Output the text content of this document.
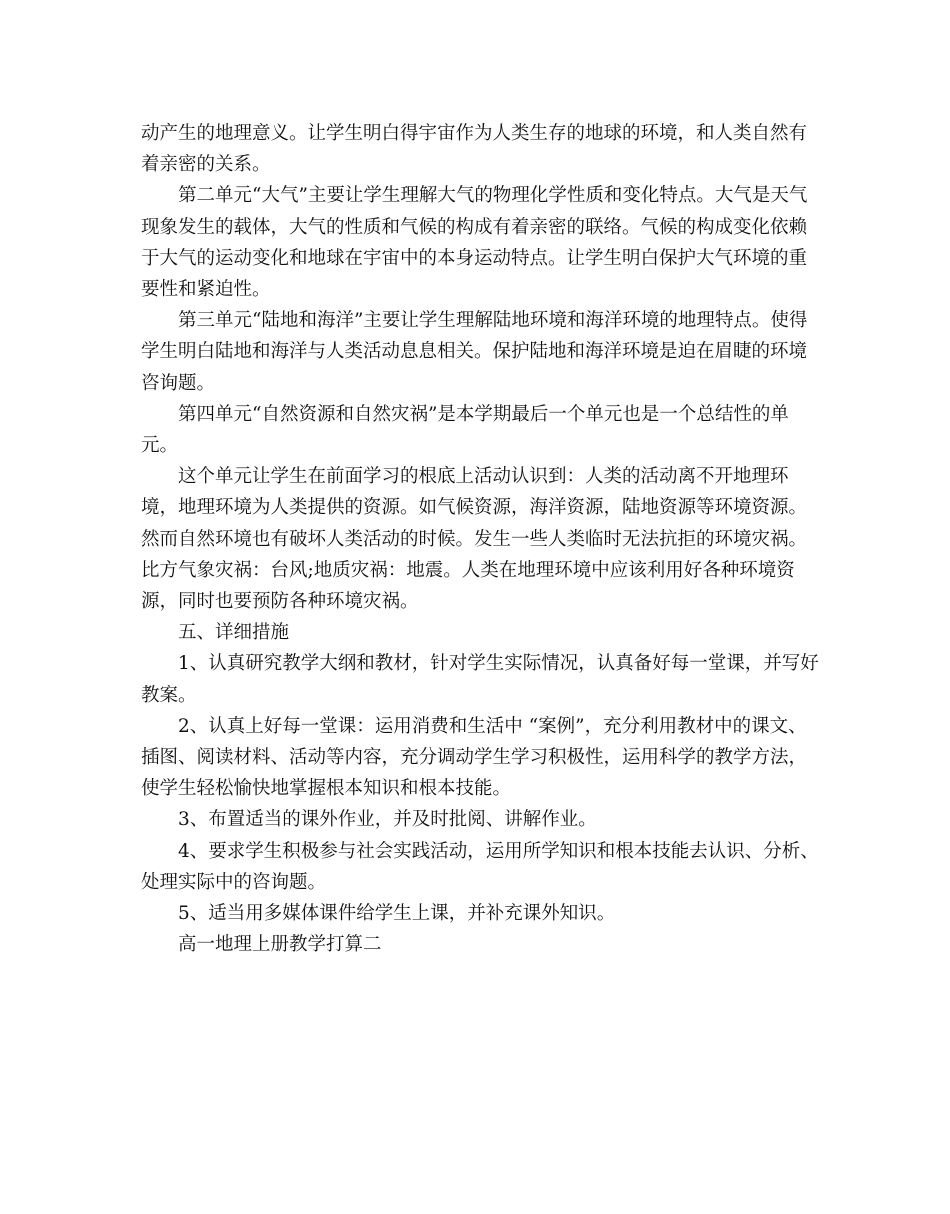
动产生的地理意义。让学生明白得宇宙作为人类生存的地球的环境，和人类自然有着亲密的关系。

第二单元“大气”主要让学生理解大气的物理化学性质和变化特点。大气是天气现象发生的载体，大气的性质和气候的构成有着亲密的联络。气候的构成变化依赖于大气的运动变化和地球在宇宙中的本身运动特点。让学生明白保护大气环境的重要性和紧迫性。

第三单元“陆地和海洋”主要让学生理解陆地环境和海洋环境的地理特点。使得学生明白陆地和海洋与人类活动息息相关。保护陆地和海洋环境是迫在眉睫的环境咨询题。

第四单元“自然资源和自然灾祸”是本学期最后一个单元也是一个总结性的单元。

这个单元让学生在前面学习的根底上活动认识到：人类的活动离不开地理环境，地理环境为人类提供的资源。如气候资源，海洋资源，陆地资源等环境资源。然而自然环境也有破坏人类活动的时候。发生一些人类临时无法抗拒的环境灾祸。比方气象灾祸：台风;地质灾祸：地震。人类在地理环境中应该利用好各种环境资源，同时也要预防各种环境灾祸。

五、详细措施

1、认真研究教学大纲和教材，针对学生实际情况，认真备好每一堂课，并写好教案。

2、认真上好每一堂课：运用消费和生活中 “案例”，充分利用教材中的课文、插图、阅读材料、活动等内容，充分调动学生学习积极性，运用科学的教学方法，使学生轻松愉快地掌握根本知识和根本技能。

3、布置适当的课外作业，并及时批阅、讲解作业。

4、要求学生积极参与社会实践活动，运用所学知识和根本技能去认识、分析、处理实际中的咨询题。

5、适当用多媒体课件给学生上课，并补充课外知识。

高一地理上册教学打算二
